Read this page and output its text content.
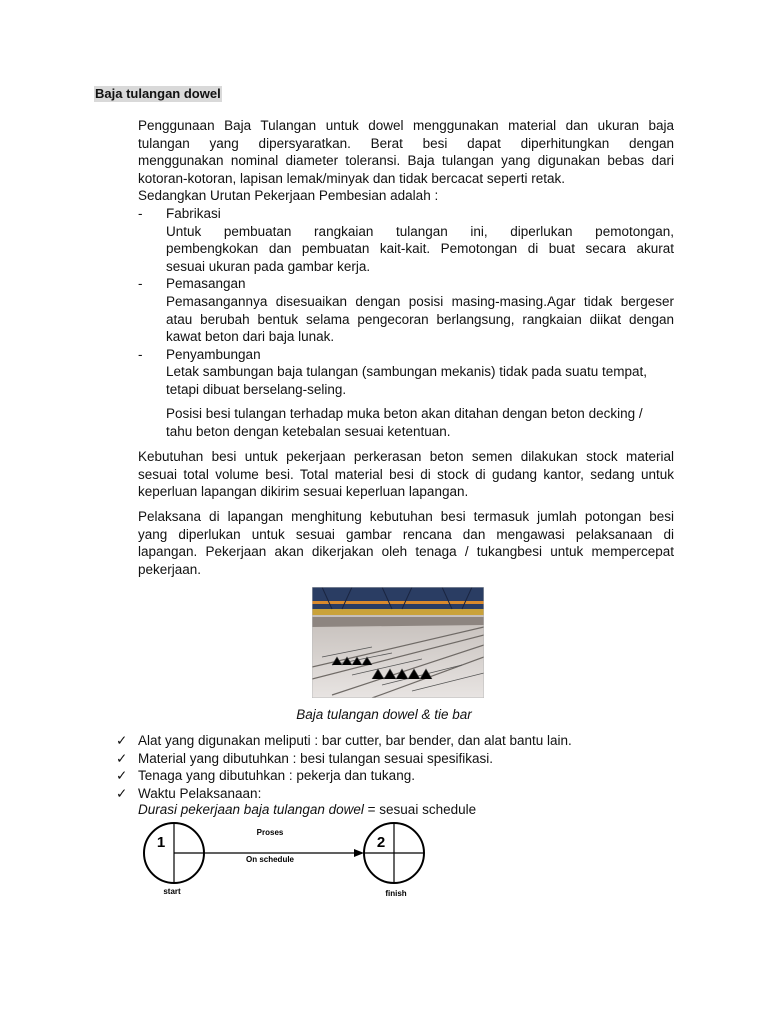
Baja tulangan dowel
Penggunaan Baja Tulangan untuk dowel menggunakan material dan ukuran baja
tulangan yang dipersyaratkan. Berat besi dapat diperhitungkan dengan
menggunakan nominal diameter toleransi. Baja tulangan yang digunakan bebas dari
kotoran-kotoran, lapisan lemak/minyak dan tidak bercacat seperti retak.
Sedangkan Urutan Pekerjaan Pembesian adalah :
- Fabrikasi
Untuk pembuatan rangkaian tulangan ini, diperlukan pemotongan,
pembengkokan dan pembuatan kait-kait. Pemotongan di buat secara akurat
sesuai ukuran pada gambar kerja.
- Pemasangan
Pemasangannya disesuaikan dengan posisi masing-masing.Agar tidak bergeser
atau berubah bentuk selama pengecoran berlangsung, rangkaian diikat dengan
kawat beton dari baja lunak.
- Penyambungan
Letak sambungan baja tulangan (sambungan mekanis) tidak pada suatu tempat,
tetapi dibuat berselang-seling.
Posisi besi tulangan terhadap muka beton akan ditahan dengan beton decking /
tahu beton dengan ketebalan sesuai ketentuan.
Kebutuhan besi untuk pekerjaan perkerasan beton semen dilakukan stock material
sesuai total volume besi. Total material besi di stock di gudang kantor, sedang untuk
keperluan lapangan dikirim sesuai keperluan lapangan.
Pelaksana di lapangan menghitung kebutuhan besi termasuk jumlah potongan besi
yang diperlukan untuk sesuai gambar rencana dan mengawasi pelaksanaan di
lapangan. Pekerjaan akan dikerjakan oleh tenaga / tukangbesi untuk mempercepat
pekerjaan.
Baja tulangan dowel & tie bar
✓ Alat yang digunakan meliputi : bar cutter, bar bender, dan alat bantu lain.
✓ Material yang dibutuhkan : besi tulangan sesuai spesifikasi.
✓ Tenaga yang dibutuhkan : pekerja dan tukang.
✓ Waktu Pelaksanaan:
Durasi pekerjaan baja tulangan dowel = sesuai schedule
1	2
Proses
On schedule
start	finish
